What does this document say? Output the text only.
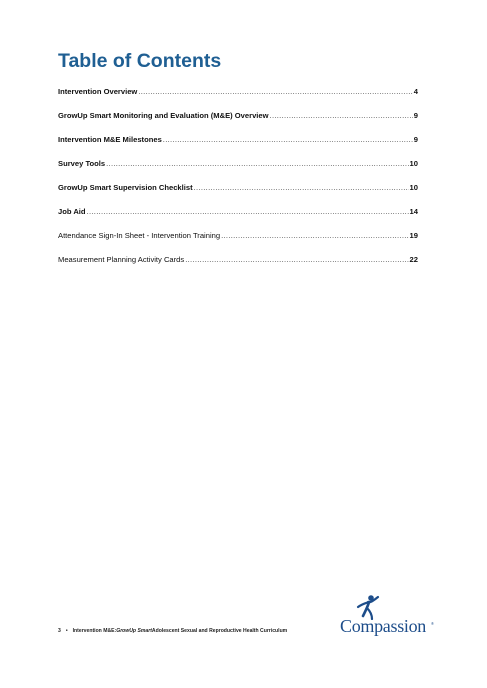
Table of Contents
Intervention Overview .....	4
GrowUp Smart Monitoring and Evaluation (M&E) Overview .....	9
Intervention M&E Milestones .....	9
Survey Tools .....	10
GrowUp Smart Supervision Checklist .....	10
Job Aid .....	14
Attendance Sign-In Sheet - Intervention Training .....	19
Measurement Planning Activity Cards .....	22
3 • Intervention M&E: GrowUp Smart Adolescent Sexual and Reproductive Health Curriculum	Compassion ®
